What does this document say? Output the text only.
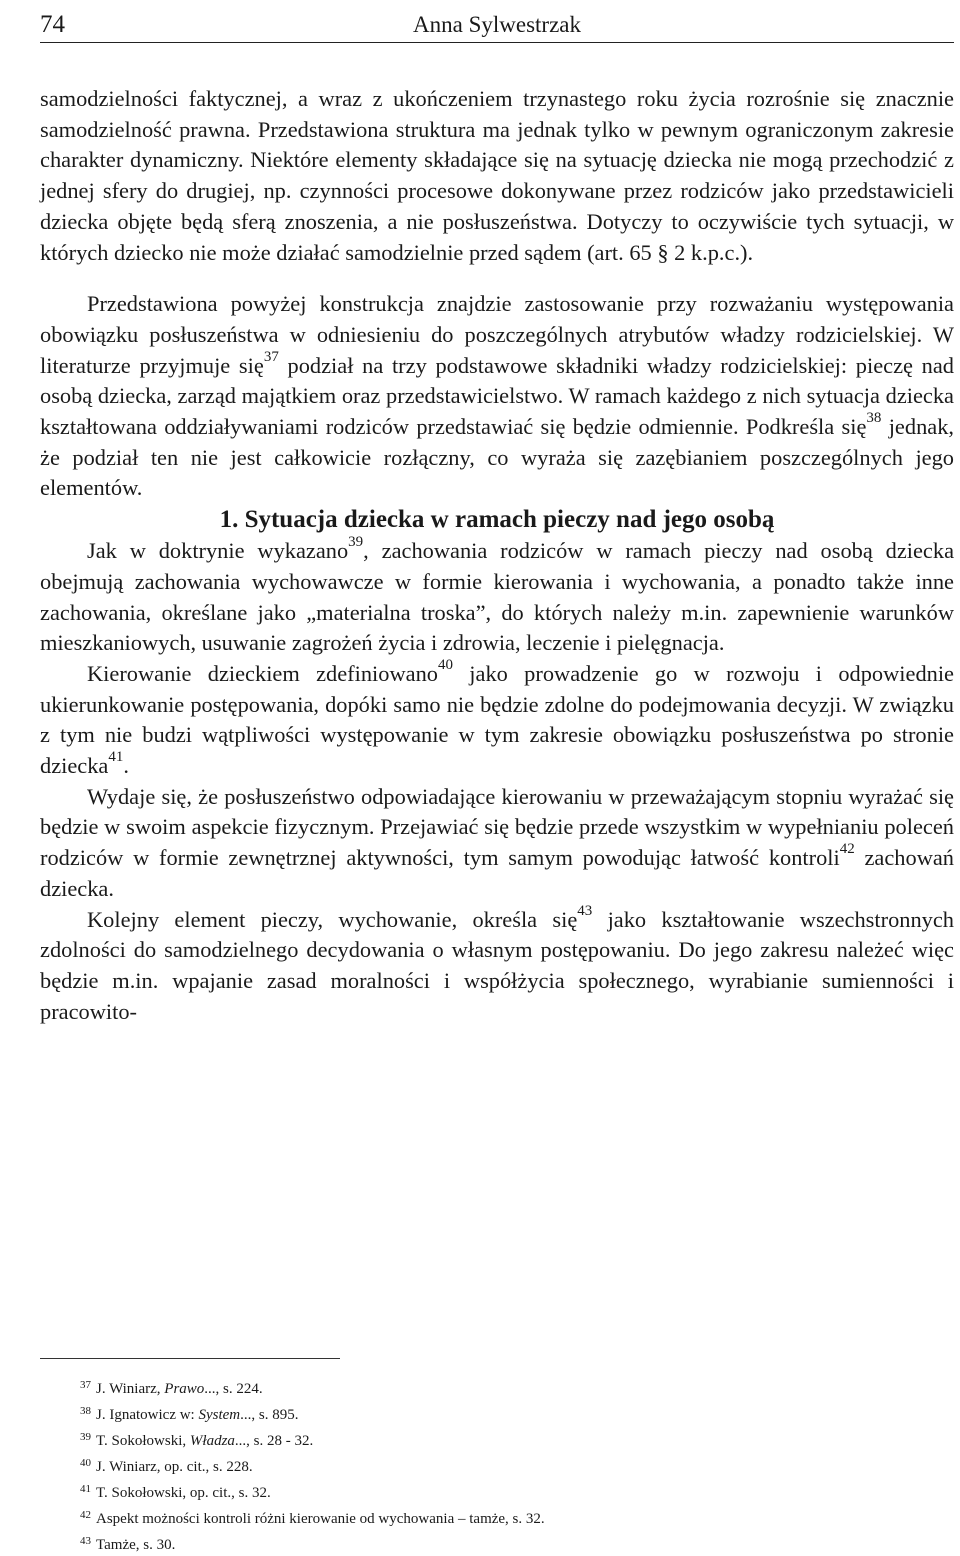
74	Anna Sylwestrzak

samodzielności faktycznej, a wraz z ukończeniem trzynastego roku życia rozrośnie się znacznie samodzielność prawna. Przedstawiona struktura ma jednak tylko w pewnym ograniczonym zakresie charakter dynamiczny. Niektóre elementy składające się na sytuację dziecka nie mogą przechodzić z jednej sfery do drugiej, np. czynności procesowe dokonywane przez rodziców jako przedstawicieli dziecka objęte będą sferą znoszenia, a nie posłuszeństwa. Dotyczy to oczywiście tych sytuacji, w których dziecko nie może działać samodzielnie przed sądem (art. 65 § 2 k.p.c.).

Przedstawiona powyżej konstrukcja znajdzie zastosowanie przy rozważaniu występowania obowiązku posłuszeństwa w odniesieniu do poszczególnych atrybutów władzy rodzicielskiej. W literaturze przyjmuje się$^{37}$ podział na trzy podstawowe składniki władzy rodzicielskiej: pieczę nad osobą dziecka, zarząd majątkiem oraz przedstawicielstwo. W ramach każdego z nich sytuacja dziecka kształtowana oddziaływaniami rodziców przedstawiać się będzie odmiennie. Podkreśla się$^{38}$ jednak, że podział ten nie jest całkowicie rozłączny, co wyraża się zazębianiem poszczególnych jego elementów.

1. Sytuacja dziecka w ramach pieczy nad jego osobą

Jak w doktrynie wykazano$^{39}$, zachowania rodziców w ramach pieczy nad osobą dziecka obejmują zachowania wychowawcze w formie kierowania i wychowania, a ponadto także inne zachowania, określane jako „materialna troska”, do których należy m.in. zapewnienie warunków mieszkaniowych, usuwanie zagrożeń życia i zdrowia, leczenie i pielęgnacja.

Kierowanie dzieckiem zdefiniowano$^{40}$ jako prowadzenie go w rozwoju i odpowiednie ukierunkowanie postępowania, dopóki samo nie będzie zdolne do podejmowania decyzji. W związku z tym nie budzi wątpliwości występowanie w tym zakresie obowiązku posłuszeństwa po stronie dziecka$^{41}$.

Wydaje się, że posłuszeństwo odpowiadające kierowaniu w przeważającym stopniu wyrażać się będzie w swoim aspekcie fizycznym. Przejawiać się będzie przede wszystkim w wypełnianiu poleceń rodziców w formie zewnętrznej aktywności, tym samym powodując łatwość kontroli$^{42}$ zachowań dziecka.

Kolejny element pieczy, wychowanie, określa się$^{43}$ jako kształtowanie wszechstronnych zdolności do samodzielnego decydowania o własnym postępowaniu. Do jego zakresu należeć więc będzie m.in. wpajanie zasad moralności i współżycia społecznego, wyrabianie sumienności i pracowito-

$^{37}$ J. Winiarz, Prawo..., s. 224.
$^{38}$ J. Ignatowicz w: System..., s. 895.
$^{39}$ T. Sokołowski, Władza..., s. 28 - 32.
$^{40}$ J. Winiarz, op. cit., s. 228.
$^{41}$ T. Sokołowski, op. cit., s. 32.
$^{42}$ Aspekt możności kontroli różni kierowanie od wychowania – tamże, s. 32.
$^{43}$ Tamże, s. 30.
